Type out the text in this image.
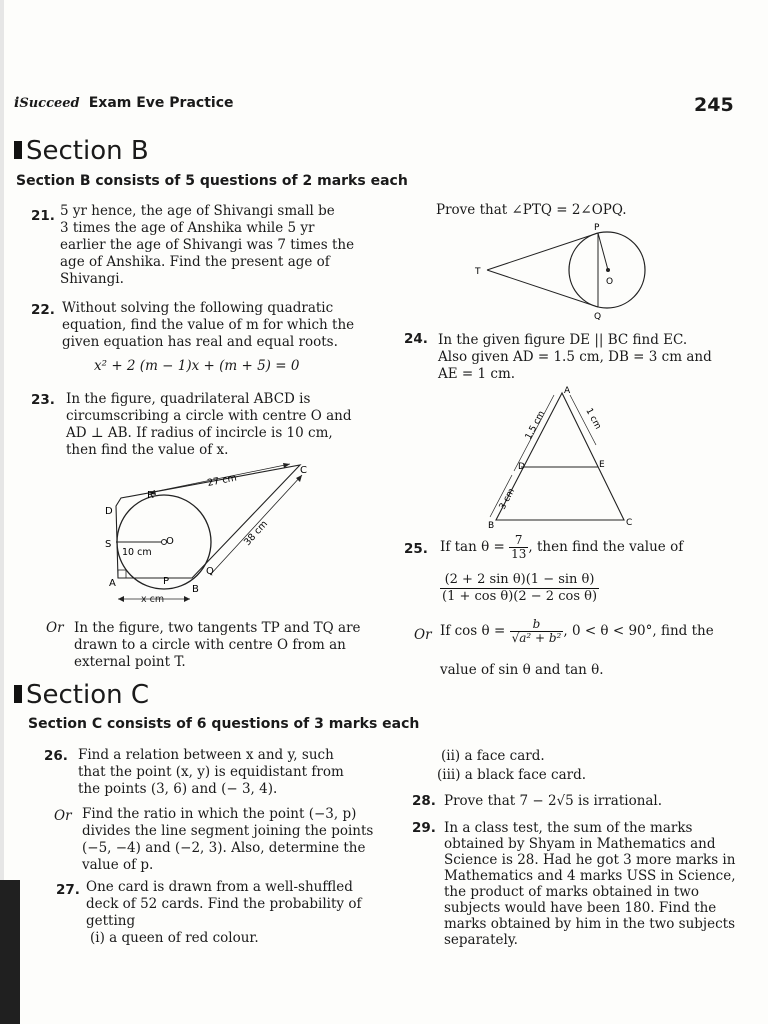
iSucceed Exam Eve Practice	245
Section B
Section B consists of 5 questions of 2 marks each
21. 5 yr hence, the age of Shivangi small be
3 times the age of Anshika while 5 yr
earlier the age of Shivangi was 7 times the
age of Anshika. Find the present age of
Shivangi.
22. Without solving the following quadratic
equation, find the value of m for which the
given equation has real and equal roots.
x² + 2 (m − 1)x + (m + 5) = 0
23. In the figure, quadrilateral ABCD is
circumscribing a circle with centre O and
AD ⊥ AB. If radius of incircle is 10 cm,
then find the value of x.
R
C
D
S	O
A	P
B
Q
27 cm
38 cm
10 cm
x cm
Or In the figure, two tangents TP and TQ are
drawn to a circle with centre O from an
external point T.
Prove that ∠PTQ = 2∠OPQ.
P
T
O
Q
24. In the given figure DE || BC find EC.
Also given AD = 1.5 cm, DB = 3 cm and
AE = 1 cm.
A
D	E
B	C
1.5 cm	1 cm
3 cm
25. If $\tan \theta = \frac{7}{13}$ , then find the value of
$\frac{\text{(2 + 2 sin θ)(1 − sin θ)}}{\text{(1 + cos θ)(2 − 2 cos θ)}}$
Or If $\cos \theta = \frac{b}{\text{√a² + b²}}$ , 0 < θ < 90°, find the
value of sin θ and tan θ.
Section C
Section C consists of 6 questions of 3 marks each
26. Find a relation between x and y, such
that the point (x, y) is equidistant from
the points (3, 6) and (− 3, 4).
Or Find the ratio in which the point (−3, p)
divides the line segment joining the points
(−5, −4) and (−2, 3). Also, determine the
value of p.
27. One card is drawn from a well-shuffled
deck of 52 cards. Find the probability of
getting
(i) a queen of red colour.
(ii) a face card.
(iii) a black face card.
28. Prove that 7 − 2√5 is irrational.
29. In a class test, the sum of the marks
obtained by Shyam in Mathematics and
Science is 28. Had he got 3 more marks in
Mathematics and 4 marks USS in Science,
the product of marks obtained in two
subjects would have been 180. Find the
marks obtained by him in the two subjects
separately.
